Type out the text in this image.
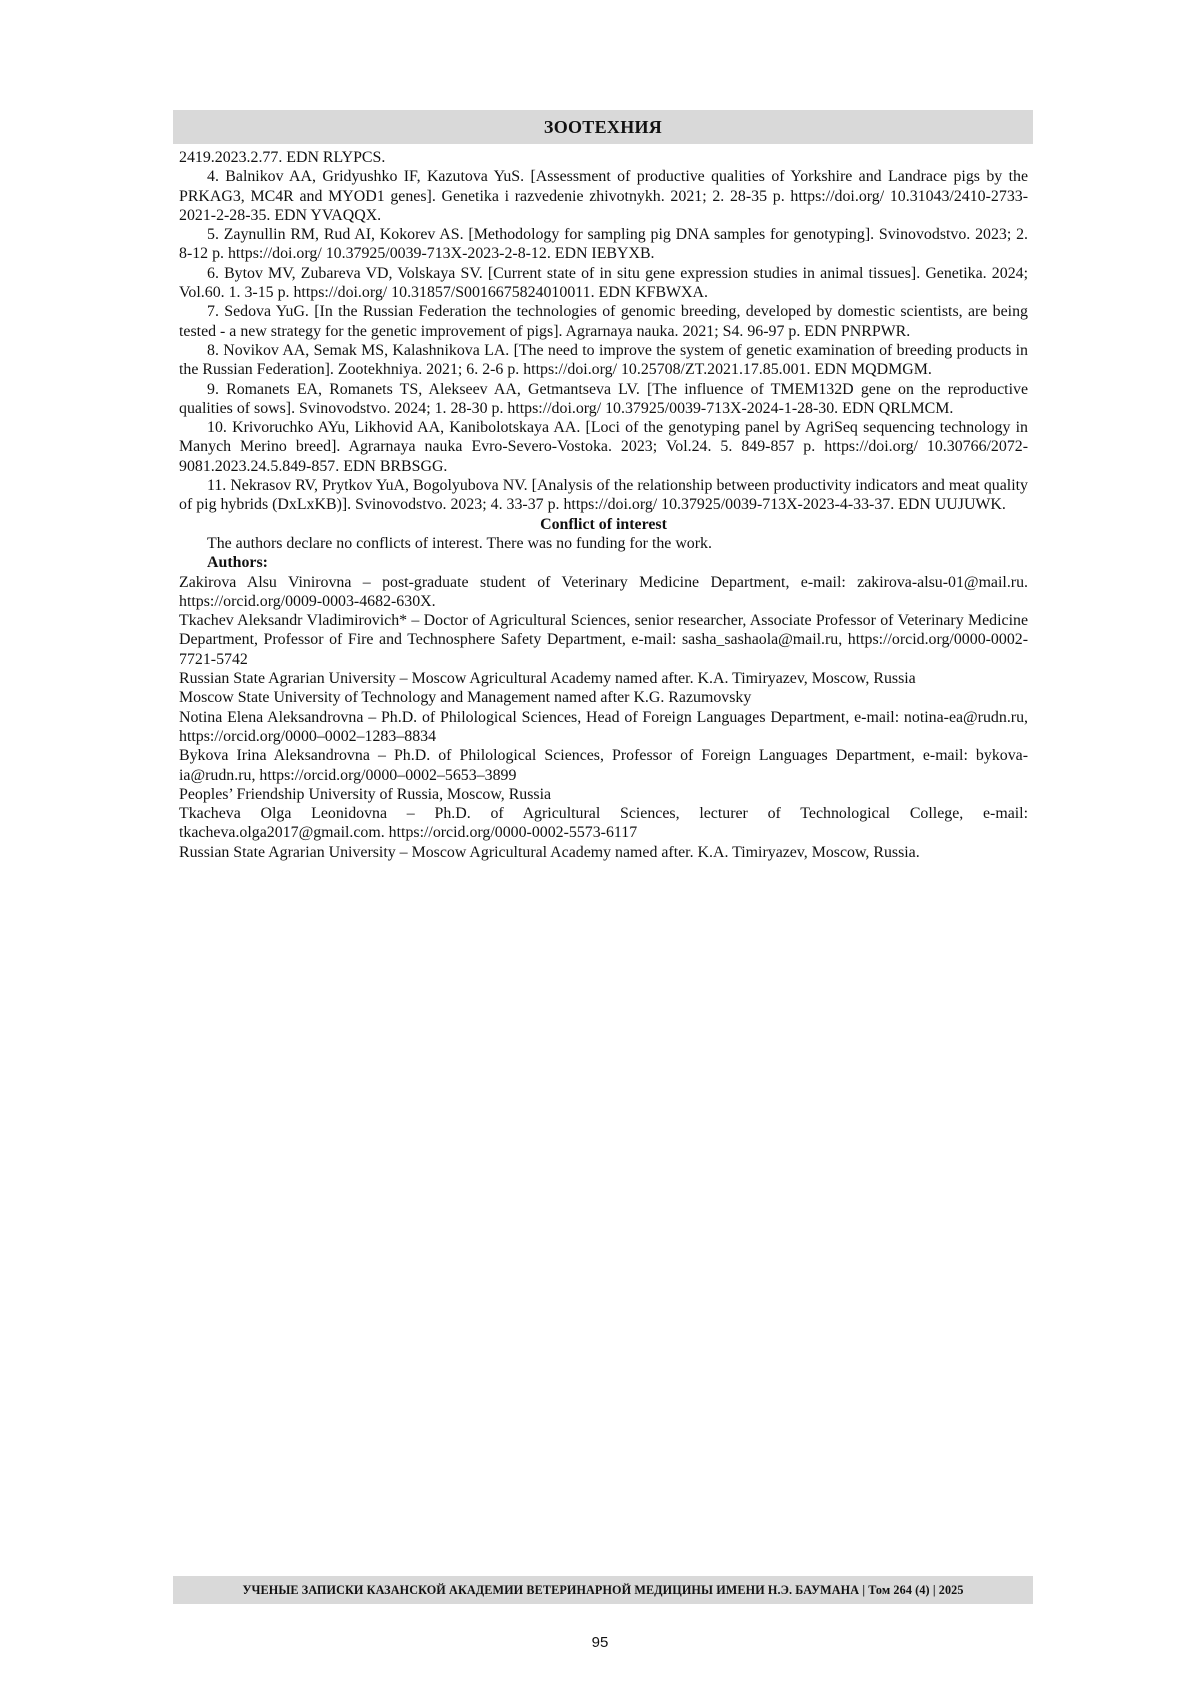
ЗООТЕХНИЯ

2419.2023.2.77. EDN RLYPCS.

4. Balnikov AA, Gridyushko IF, Kazutova YuS. [Assessment of productive qualities of Yorkshire and Landrace pigs by the PRKAG3, MC4R and MYOD1 genes]. Genetika i razvedenie zhivotnykh. 2021; 2. 28-35 p. https://doi.org/ 10.31043/2410-2733-2021-2-28-35. EDN YVAQQX.

5. Zaynullin RM, Rud AI, Kokorev AS. [Methodology for sampling pig DNA samples for genotyping]. Svinovodstvo. 2023; 2. 8-12 p. https://doi.org/ 10.37925/0039-713X-2023-2-8-12. EDN IEBYXB.

6. Bytov MV, Zubareva VD, Volskaya SV. [Current state of in situ gene expression studies in animal tissues]. Genetika. 2024; Vol.60. 1. 3-15 p. https://doi.org/ 10.31857/S0016675824010011. EDN KFBWXA.

7. Sedova YuG. [In the Russian Federation the technologies of genomic breeding, developed by domestic scientists, are being tested - a new strategy for the genetic improvement of pigs]. Agrarnaya nauka. 2021; S4. 96-97 p. EDN PNRPWR.

8. Novikov AA, Semak MS, Kalashnikova LA. [The need to improve the system of genetic examination of breeding products in the Russian Federation]. Zootekhniya. 2021; 6. 2-6 p. https://doi.org/ 10.25708/ZT.2021.17.85.001. EDN MQDMGM.

9. Romanets EA, Romanets TS, Alekseev AA, Getmantseva LV. [The influence of TMEM132D gene on the reproductive qualities of sows]. Svinovodstvo. 2024; 1. 28-30 p. https://doi.org/ 10.37925/0039-713X-2024-1-28-30. EDN QRLMCM.

10. Krivoruchko AYu, Likhovid AA, Kanibolotskaya AA. [Loci of the genotyping panel by AgriSeq sequencing technology in Manych Merino breed]. Agrarnaya nauka Evro-Severo-Vostoka. 2023; Vol.24. 5. 849-857 p. https://doi.org/ 10.30766/2072-9081.2023.24.5.849-857. EDN BRBSGG.

11. Nekrasov RV, Prytkov YuA, Bogolyubova NV. [Analysis of the relationship between productivity indicators and meat quality of pig hybrids (DxLxKB)]. Svinovodstvo. 2023; 4. 33-37 p. https://doi.org/ 10.37925/0039-713X-2023-4-33-37. EDN UUJUWK.

Conflict of interest

The authors declare no conflicts of interest. There was no funding for the work.

Authors:

Zakirova Alsu Vinirovna – post-graduate student of Veterinary Medicine Department, e-mail: zakirova-alsu-01@mail.ru. https://orcid.org/0009-0003-4682-630X.

Tkachev Aleksandr Vladimirovich* – Doctor of Agricultural Sciences, senior researcher, Associate Professor of Veterinary Medicine Department, Professor of Fire and Technosphere Safety Department, e-mail: sasha_sashaola@mail.ru, https://orcid.org/0000-0002-7721-5742

Russian State Agrarian University – Moscow Agricultural Academy named after. K.A. Timiryazev, Moscow, Russia

Moscow State University of Technology and Management named after K.G. Razumovsky

Notina Elena Aleksandrovna – Ph.D. of Philological Sciences, Head of Foreign Languages Department, e-mail: notina-ea@rudn.ru, https://orcid.org/0000–0002–1283–8834

Bykova Irina Aleksandrovna – Ph.D. of Philological Sciences, Professor of Foreign Languages Department, e-mail: bykova-ia@rudn.ru, https://orcid.org/0000–0002–5653–3899

Peoples’ Friendship University of Russia, Moscow, Russia

Tkacheva Olga Leonidovna – Ph.D. of Agricultural Sciences, lecturer of Technological College, e-mail: tkacheva.olga2017@gmail.com. https://orcid.org/0000-0002-5573-6117

Russian State Agrarian University – Moscow Agricultural Academy named after. K.A. Timiryazev, Moscow, Russia.

УЧЕНЫЕ ЗАПИСКИ КАЗАНСКОЙ АКАДЕМИИ ВЕТЕРИНАРНОЙ МЕДИЦИНЫ ИМЕНИ Н.Э. БАУМАНА | Том 264 (4) | 2025
95
